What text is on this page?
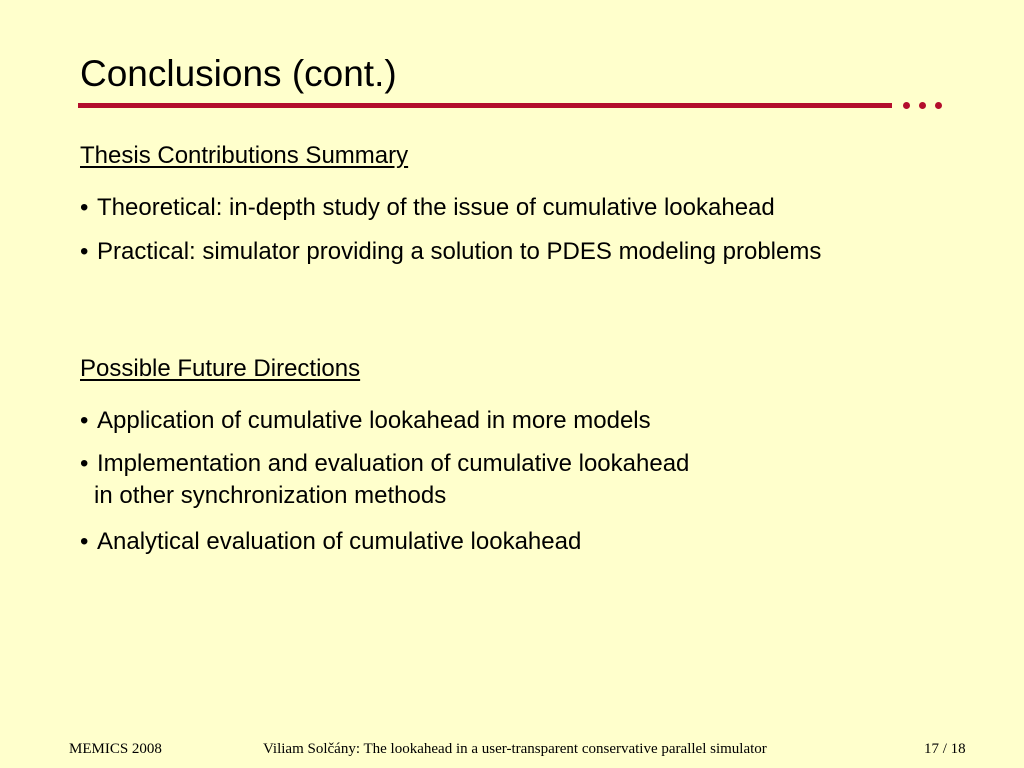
Conclusions (cont.)
Thesis Contributions Summary
• Theoretical: in-depth study of the issue of cumulative lookahead
• Practical: simulator providing a solution to PDES modeling problems
Possible Future Directions
• Application of cumulative lookahead in more models
• Implementation and evaluation of cumulative lookahead
in other synchronization methods
• Analytical evaluation of cumulative lookahead
MEMICS 2008	Viliam Solčány: The lookahead in a user-transparent conservative parallel simulator	17 / 18
